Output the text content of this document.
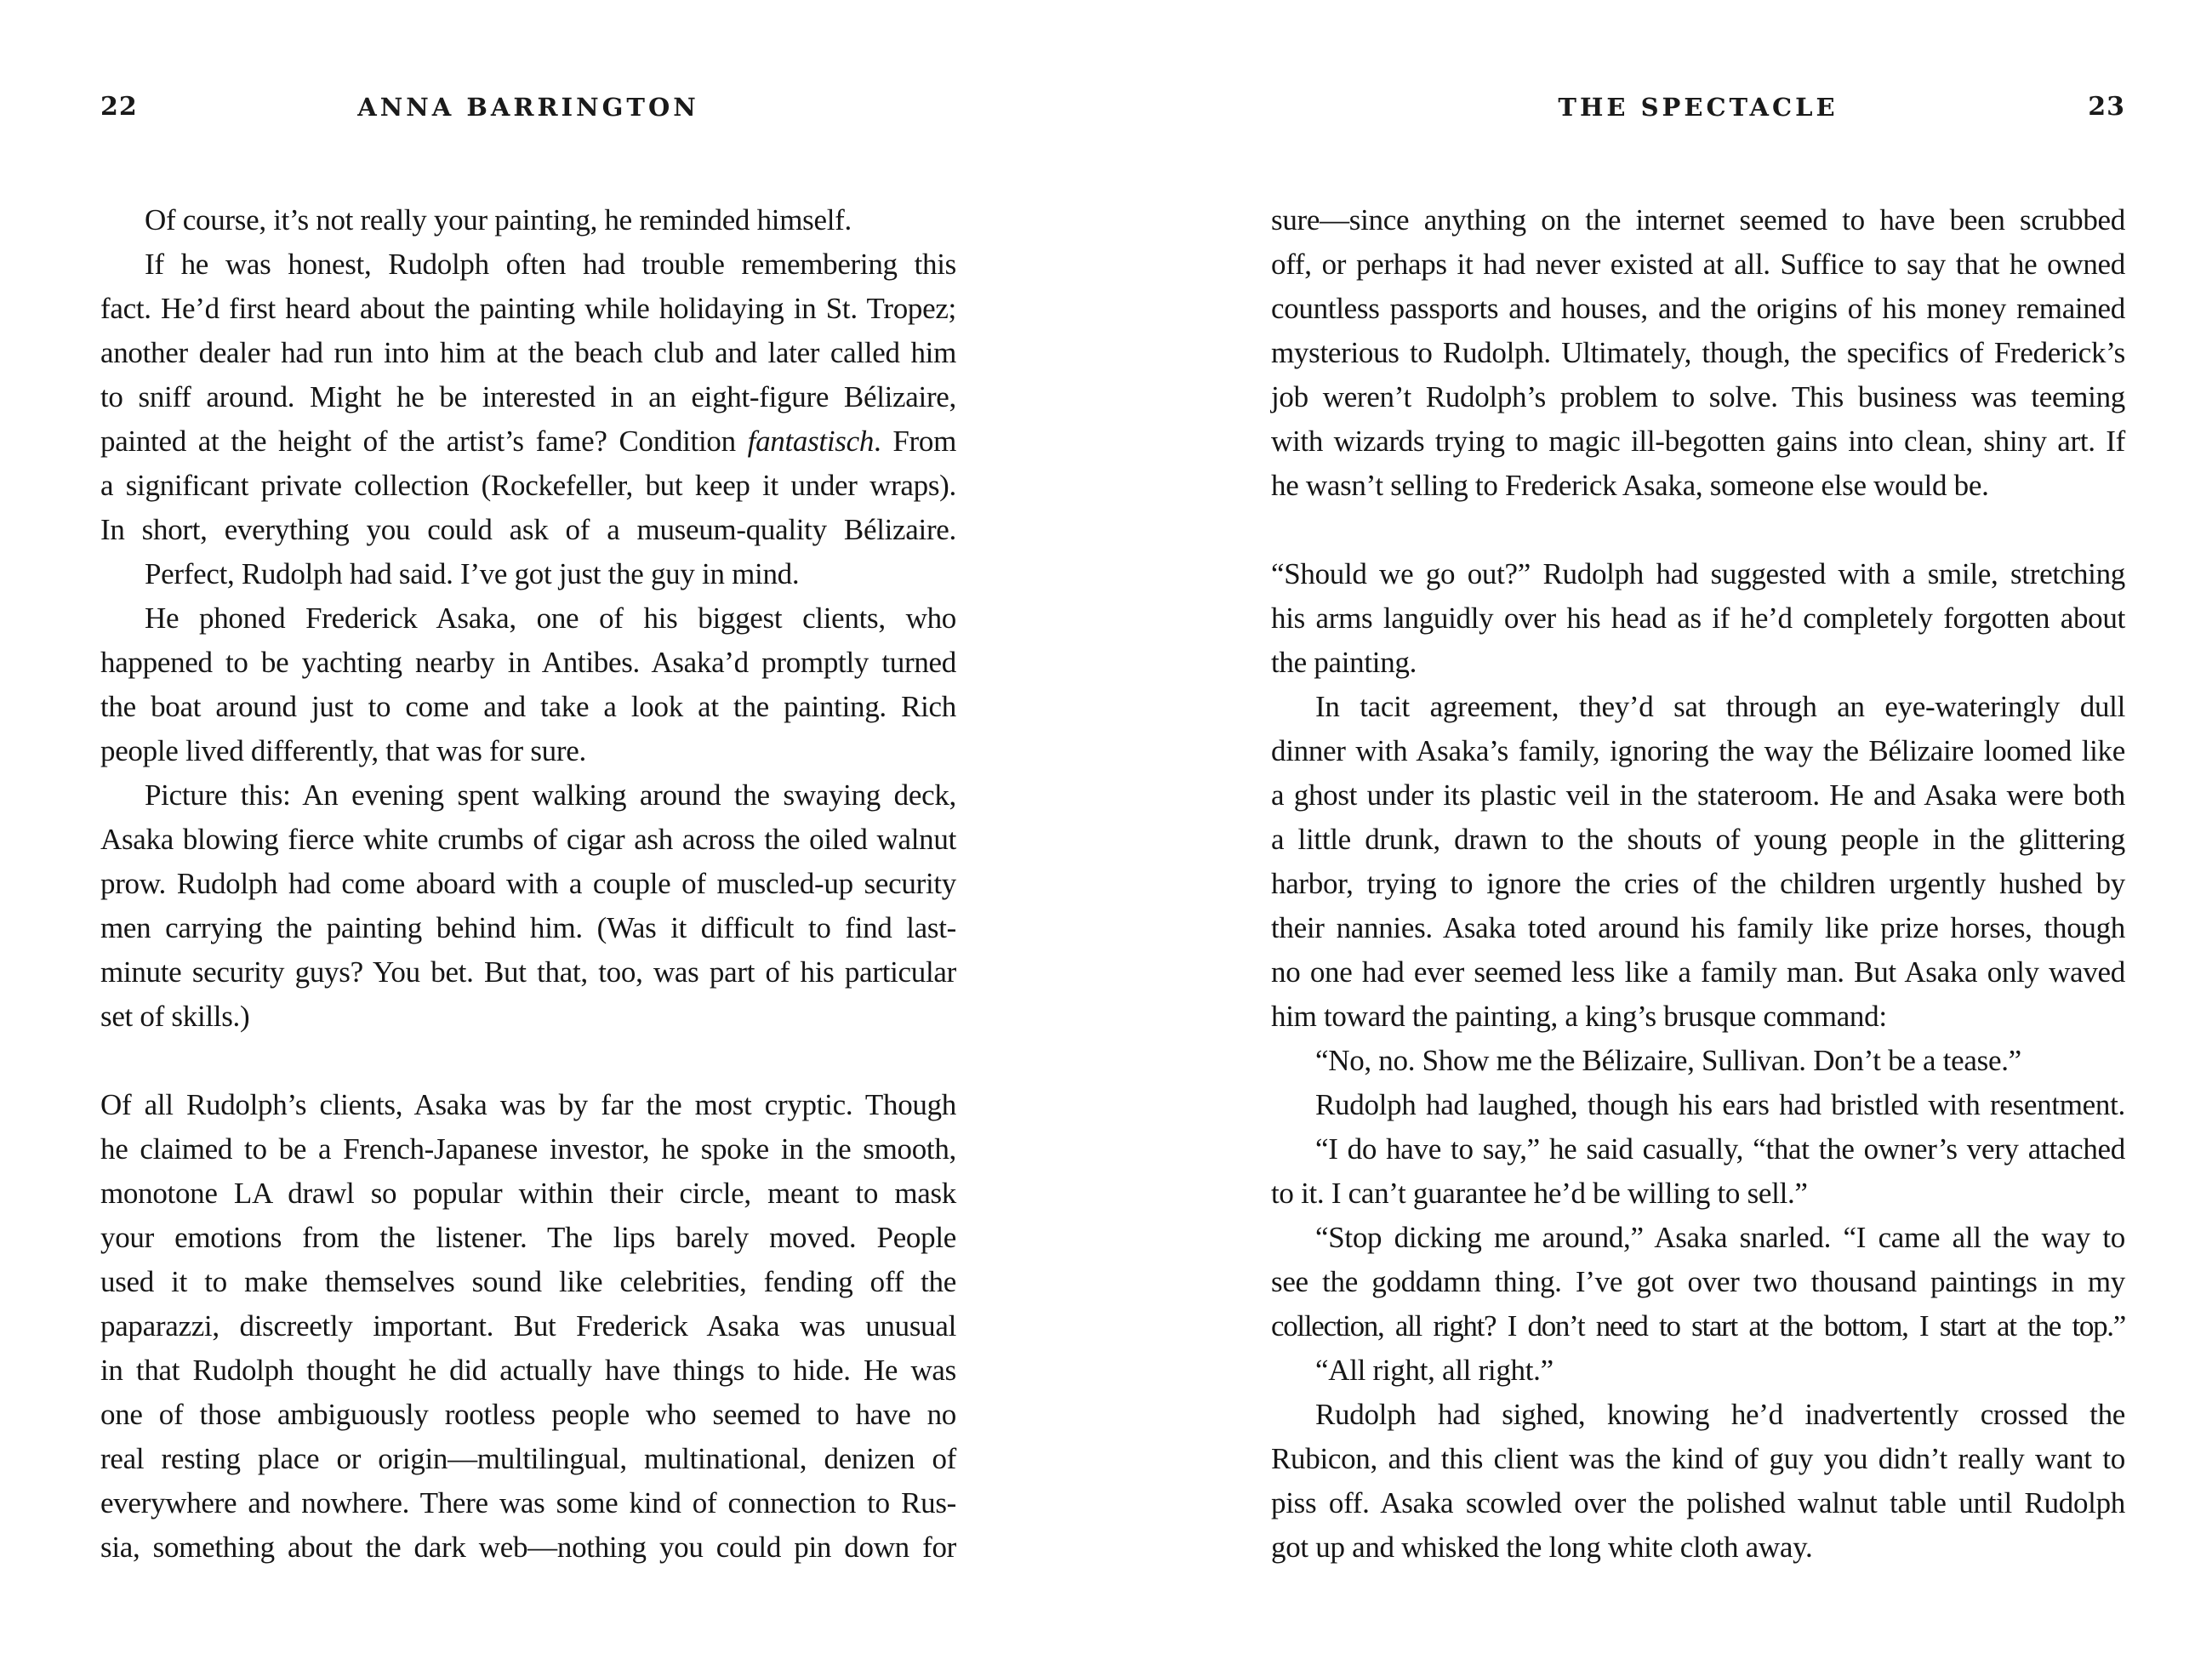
22	ANNA BARRINGTON
Of course, it’s not really your painting, he reminded himself.
If he was honest, Rudolph often had trouble remembering this
fact. He’d first heard about the painting while holidaying in St. Tropez;
another dealer had run into him at the beach club and later called him
to sniff around. Might he be interested in an eight-figure Bélizaire,
painted at the height of the artist’s fame? Condition fantastisch. From
a significant private collection (Rockefeller, but keep it under wraps).
In short, everything you could ask of a museum-quality Bélizaire.
Perfect, Rudolph had said. I’ve got just the guy in mind.
He phoned Frederick Asaka, one of his biggest clients, who
happened to be yachting nearby in Antibes. Asaka’d promptly turned
the boat around just to come and take a look at the painting. Rich
people lived differently, that was for sure.
Picture this: An evening spent walking around the swaying deck,
Asaka blowing fierce white crumbs of cigar ash across the oiled walnut
prow. Rudolph had come aboard with a couple of muscled-up security
men carrying the painting behind him. (Was it difficult to find last-
minute security guys? You bet. But that, too, was part of his particular
set of skills.)
Of all Rudolph’s clients, Asaka was by far the most cryptic. Though
he claimed to be a French-Japanese investor, he spoke in the smooth,
monotone LA drawl so popular within their circle, meant to mask
your emotions from the listener. The lips barely moved. People
used it to make themselves sound like celebrities, fending off the
paparazzi, discreetly important. But Frederick Asaka was unusual
in that Rudolph thought he did actually have things to hide. He was
one of those ambiguously rootless people who seemed to have no
real resting place or origin—multilingual, multinational, denizen of
everywhere and nowhere. There was some kind of connection to Rus-
sia, something about the dark web—nothing you could pin down for
THE SPECTACLE	23
sure—since anything on the internet seemed to have been scrubbed
off, or perhaps it had never existed at all. Suffice to say that he owned
countless passports and houses, and the origins of his money remained
mysterious to Rudolph. Ultimately, though, the specifics of Frederick’s
job weren’t Rudolph’s problem to solve. This business was teeming
with wizards trying to magic ill-begotten gains into clean, shiny art. If
he wasn’t selling to Frederick Asaka, someone else would be.
“Should we go out?” Rudolph had suggested with a smile, stretching
his arms languidly over his head as if he’d completely forgotten about
the painting.
In tacit agreement, they’d sat through an eye-wateringly dull
dinner with Asaka’s family, ignoring the way the Bélizaire loomed like
a ghost under its plastic veil in the stateroom. He and Asaka were both
a little drunk, drawn to the shouts of young people in the glittering
harbor, trying to ignore the cries of the children urgently hushed by
their nannies. Asaka toted around his family like prize horses, though
no one had ever seemed less like a family man. But Asaka only waved
him toward the painting, a king’s brusque command:
“No, no. Show me the Bélizaire, Sullivan. Don’t be a tease.”
Rudolph had laughed, though his ears had bristled with resentment.
“I do have to say,” he said casually, “that the owner’s very attached
to it. I can’t guarantee he’d be willing to sell.”
“Stop dicking me around,” Asaka snarled. “I came all the way to
see the goddamn thing. I’ve got over two thousand paintings in my
collection, all right? I don’t need to start at the bottom, I start at the top.”
“All right, all right.”
Rudolph had sighed, knowing he’d inadvertently crossed the
Rubicon, and this client was the kind of guy you didn’t really want to
piss off. Asaka scowled over the polished walnut table until Rudolph
got up and whisked the long white cloth away.
